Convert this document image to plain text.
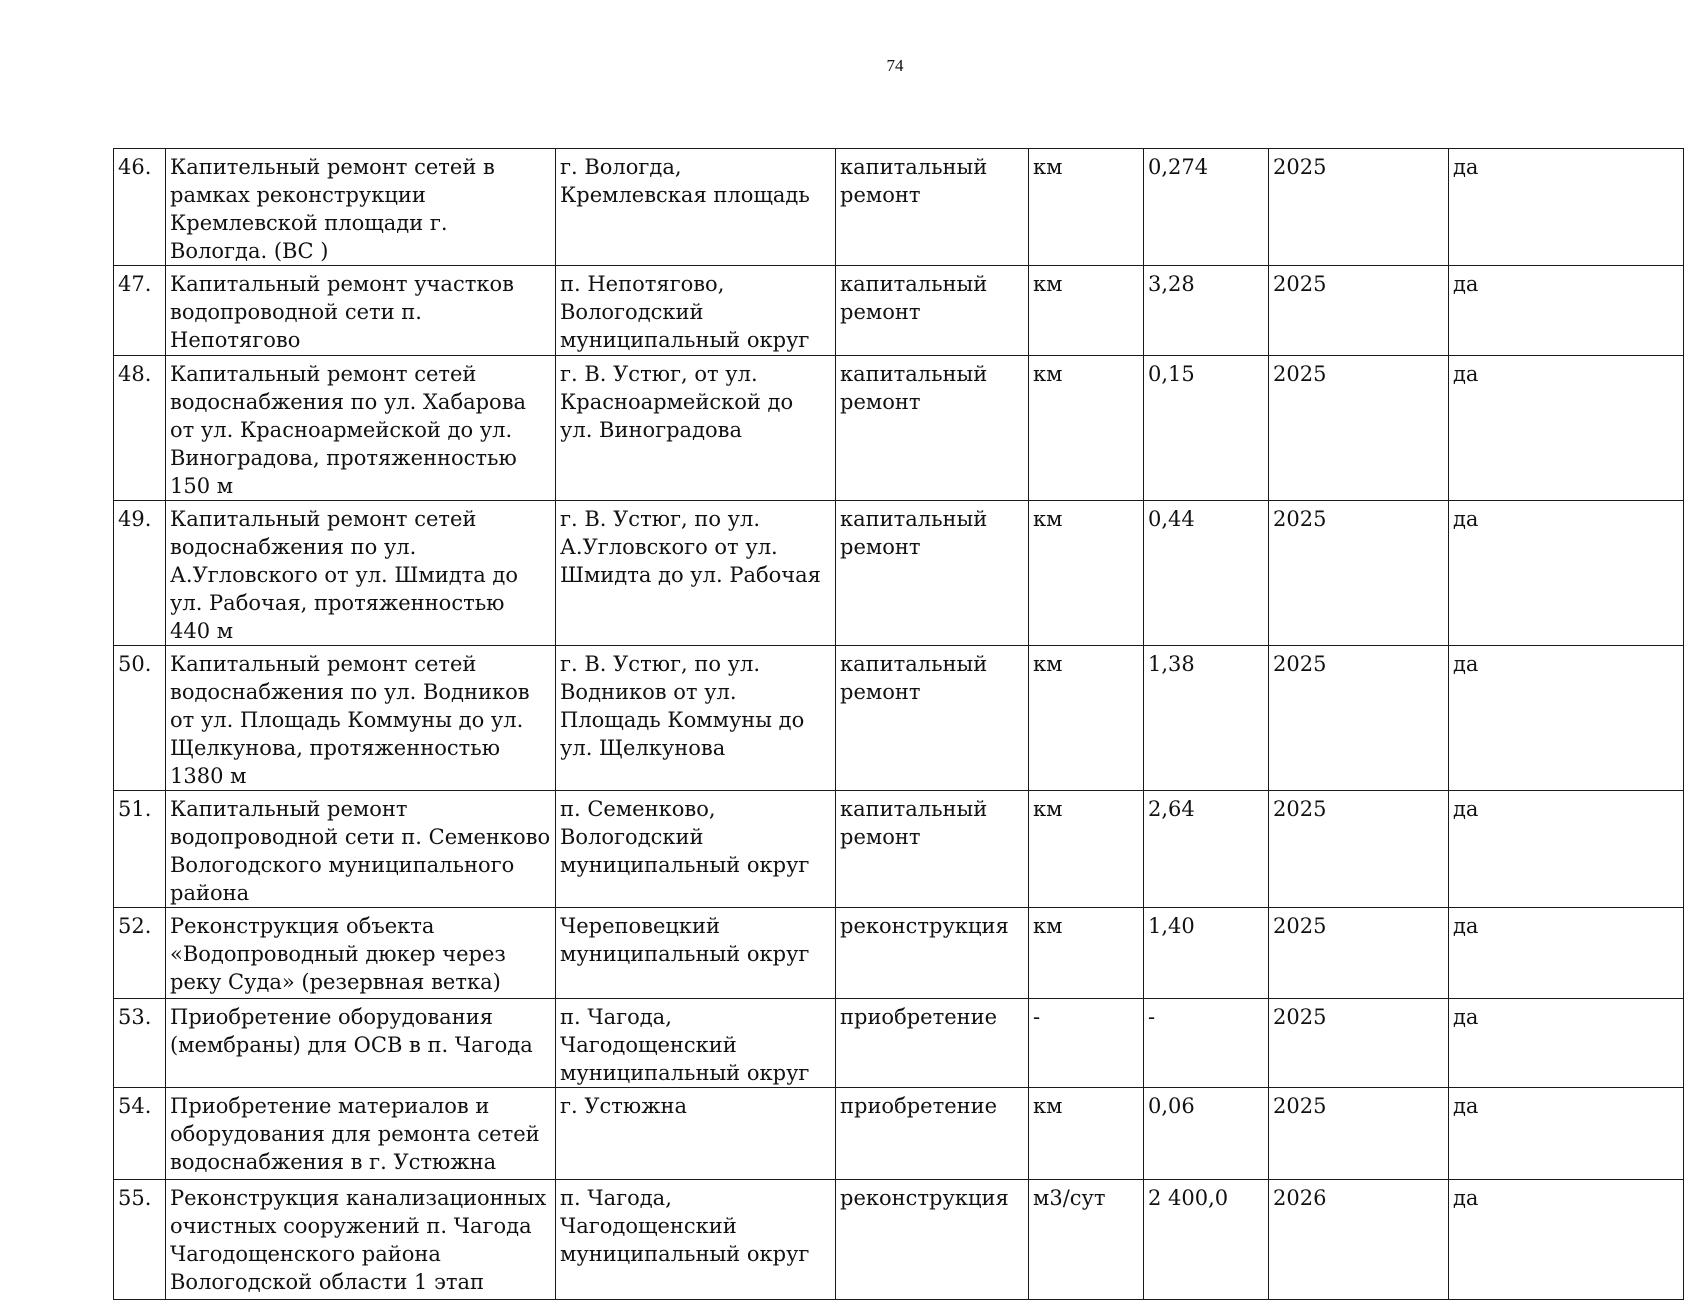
74
46.	Капительный ремонт сетей в рамках реконструкции Кремлевской площади г. Вологда. (ВС )	г. Вологда, Кремлевская площадь	капитальный ремонт	км	0,274	2025	да
47.	Капитальный ремонт участков водопроводной сети п. Непотягово	п. Непотягово, Вологодский муниципальный округ	капитальный ремонт	км	3,28	2025	да
48.	Капитальный ремонт сетей водоснабжения по ул. Хабарова от ул. Красноармейской до ул. Виноградова, протяженностью 150 м	г. В. Устюг, от ул. Красноармейской до ул. Виноградова	капитальный ремонт	км	0,15	2025	да
49.	Капитальный ремонт сетей водоснабжения по ул. А.Угловского от ул. Шмидта до ул. Рабочая, протяженностью 440 м	г. В. Устюг, по ул. А.Угловского от ул. Шмидта до ул. Рабочая	капитальный ремонт	км	0,44	2025	да
50.	Капитальный ремонт сетей водоснабжения по ул. Водников от ул. Площадь Коммуны до ул. Щелкунова, протяженностью 1380 м	г. В. Устюг, по ул. Водников от ул. Площадь Коммуны до ул. Щелкунова	капитальный ремонт	км	1,38	2025	да
51.	Капитальный ремонт водопроводной сети п. Семенково Вологодского муниципального района	п. Семенково, Вологодский муниципальный округ	капитальный ремонт	км	2,64	2025	да
52.	Реконструкция объекта «Водопроводный дюкер через реку Суда» (резервная ветка)	Череповецкий муниципальный округ	реконструкция	км	1,40	2025	да
53.	Приобретение оборудования (мембраны) для ОСВ в п. Чагода	п. Чагода, Чагодощенский муниципальный округ	приобретение	-	-	2025	да
54.	Приобретение материалов и оборудования для ремонта сетей водоснабжения в г. Устюжна	г. Устюжна	приобретение	км	0,06	2025	да
55.	Реконструкция канализационных очистных сооружений п. Чагода Чагодощенского района Вологодской области 1 этап	п. Чагода, Чагодощенский муниципальный округ	реконструкция	м3/сут	2 400,0	2026	да
